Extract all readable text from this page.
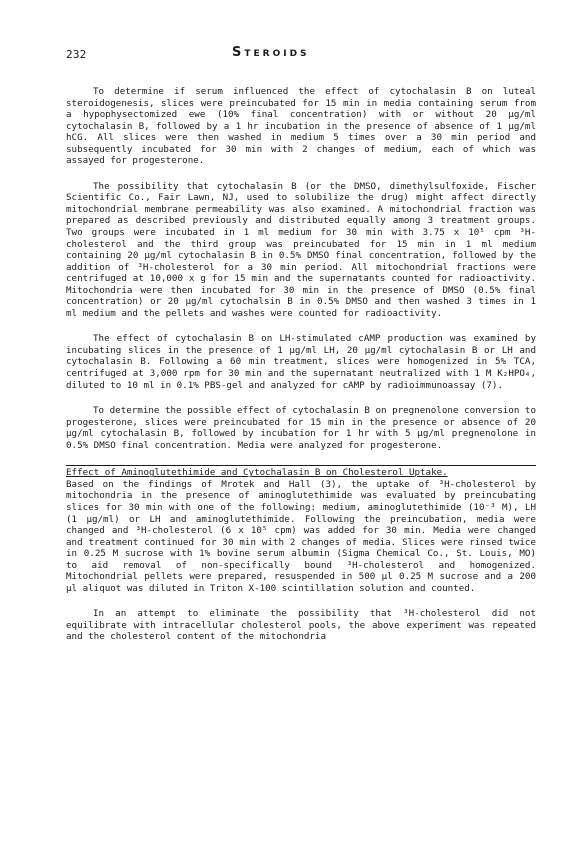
232	Steroids

To determine if serum influenced the effect of cytochalasin B on luteal steroidogenesis, slices were preincubated for 15 min in media containing serum from a hypophysectomized ewe (10% final concentration) with or without 20 μg/ml cytochalasin B, followed by a 1 hr incubation in the presence of absence of 1 μg/ml hCG. All slices were then washed in medium 5 times over a 30 min period and subsequently incubated for 30 min with 2 changes of medium, each of which was assayed for progesterone.

The possibility that cytochalasin B (or the DMSO, dimethylsulfoxide, Fischer Scientific Co., Fair Lawn, NJ, used to solubilize the drug) might affect directly mitochondrial membrane permeability was also examined. A mitochondrial fraction was prepared as described previously and distributed equally among 3 treatment groups. Two groups were incubated in 1 ml medium for 30 min with 3.75 x 10⁵ cpm ³H-cholesterol and the third group was preincubated for 15 min in 1 ml medium containing 20 μg/ml cytochalasin B in 0.5% DMSO final concentration, followed by the addition of ³H-cholesterol for a 30 min period. All mitochondrial fractions were centrifuged at 10,000 x g for 15 min and the supernatants counted for radioactivity. Mitochondria were then incubated for 30 min in the presence of DMSO (0.5% final concentration) or 20 μg/ml cytochalsin B in 0.5% DMSO and then washed 3 times in 1 ml medium and the pellets and washes were counted for radioactivity.

The effect of cytochalasin B on LH-stimulated cAMP production was examined by incubating slices in the presence of 1 μg/ml LH, 20 μg/ml cytochalasin B or LH and cytochalasin B. Following a 60 min treatment, slices were homogenized in 5% TCA, centrifuged at 3,000 rpm for 30 min and the supernatant neutralized with 1 M K₂HPO₄, diluted to 10 ml in 0.1% PBS-gel and analyzed for cAMP by radioimmunoassay (7).

To determine the possible effect of cytochalasin B on pregnenolone conversion to progesterone, slices were preincubated for 15 min in the presence or absence of 20 μg/ml cytochalasin B, followed by incubation for 1 hr with 5 μg/ml pregnenolone in 0.5% DMSO final concentration. Media were analyzed for progesterone.

Effect of Aminoglutethimide and Cytochalasin B on Cholesterol Uptake.

Based on the findings of Mrotek and Hall (3), the uptake of ³H-cholesterol by mitochondria in the presence of aminoglutethimide was evaluated by preincubating slices for 30 min with one of the following: medium, aminoglutethimide (10⁻³ M), LH (1 μg/ml) or LH and aminoglutethimide. Following the preincubation, media were changed and ³H-cholesterol (6 x 10⁵ cpm) was added for 30 min. Media were changed and treatment continued for 30 min with 2 changes of media. Slices were rinsed twice in 0.25 M sucrose with 1% bovine serum albumin (Sigma Chemical Co., St. Louis, MO) to aid removal of non-specifically bound ³H-cholesterol and homogenized. Mitochondrial pellets were prepared, resuspended in 500 μl 0.25 M sucrose and a 200 μl aliquot was diluted in Triton X-100 scintillation solution and counted.

In an attempt to eliminate the possibility that ³H-cholesterol did not equilibrate with intracellular cholesterol pools, the above experiment was repeated and the cholesterol content of the mitochondria
